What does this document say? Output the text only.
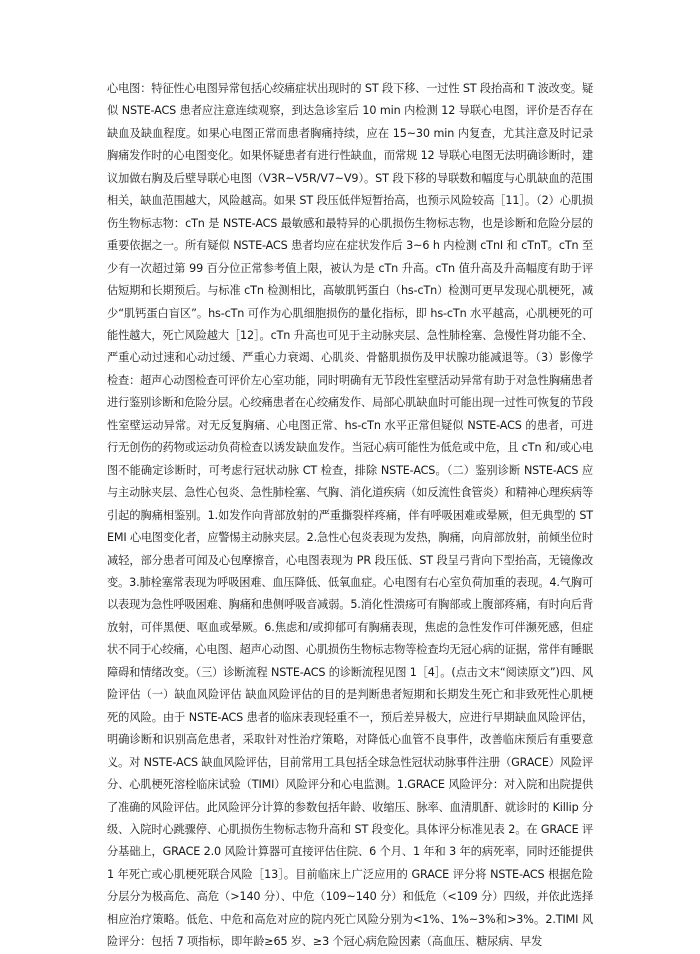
心电图：特征性心电图异常包括心绞痛症状出现时的 ST 段下移、一过性 ST 段抬高和 T 波改变。疑似 NSTE-ACS 患者应注意连续观察，到达急诊室后 10 min 内检测 12 导联心电图，评价是否存在缺血及缺血程度。如果心电图正常而患者胸痛持续，应在 15~30 min 内复查，尤其注意及时记录胸痛发作时的心电图变化。如果怀疑患者有进行性缺血，而常规 12 导联心电图无法明确诊断时，建议加做右胸及后壁导联心电图（V3R~V5R/V7~V9）。ST 段下移的导联数和幅度与心肌缺血的范围相关，缺血范围越大，风险越高。如果 ST 段压低伴短暂抬高，也预示风险较高［11］。（2）心肌损伤生物标志物：cTn 是 NSTE-ACS 最敏感和最特异的心肌损伤生物标志物，也是诊断和危险分层的重要依据之一。所有疑似 NSTE-ACS 患者均应在症状发作后 3~6 h 内检测 cTnI 和 cTnT。cTn 至少有一次超过第 99 百分位正常参考值上限，被认为是 cTn 升高。cTn 值升高及升高幅度有助于评估短期和长期预后。与标准 cTn 检测相比，高敏肌钙蛋白（hs-cTn）检测可更早发现心肌梗死，减少“肌钙蛋白盲区”。hs-cTn 可作为心肌细胞损伤的量化指标，即 hs-cTn 水平越高，心肌梗死的可能性越大，死亡风险越大［12］。cTn 升高也可见于主动脉夹层、急性肺栓塞、急慢性肾功能不全、严重心动过速和心动过缓、严重心力衰竭、心肌炎、骨骼肌损伤及甲状腺功能减退等。（3）影像学检查：超声心动图检查可评价左心室功能，同时明确有无节段性室壁活动异常有助于对急性胸痛患者进行鉴别诊断和危险分层。心绞痛患者在心绞痛发作、局部心肌缺血时可能出现一过性可恢复的节段性室壁运动异常。对无反复胸痛、心电图正常、hs-cTn 水平正常但疑似 NSTE-ACS 的患者，可进行无创伤的药物或运动负荷检查以诱发缺血发作。当冠心病可能性为低危或中危，且 cTn 和/或心电图不能确定诊断时，可考虑行冠状动脉 CT 检查，排除 NSTE-ACS。（二）鉴别诊断 NSTE-ACS 应与主动脉夹层、急性心包炎、急性肺栓塞、气胸、消化道疾病（如反流性食管炎）和精神心理疾病等引起的胸痛相鉴别。1.如发作向背部放射的严重撕裂样疼痛，伴有呼吸困难或晕厥，但无典型的 STEMI 心电图变化者，应警惕主动脉夹层。2.急性心包炎表现为发热，胸痛，向肩部放射，前倾坐位时减轻，部分患者可闻及心包摩擦音，心电图表现为 PR 段压低、ST 段呈弓背向下型抬高，无镜像改变。3.肺栓塞常表现为呼吸困难、血压降低、低氧血症。心电图有右心室负荷加重的表现。4.气胸可以表现为急性呼吸困难、胸痛和患侧呼吸音减弱。5.消化性溃疡可有胸部或上腹部疼痛，有时向后背放射，可伴黑便、呕血或晕厥。6.焦虑和/或抑郁可有胸痛表现，焦虑的急性发作可伴濒死感，但症状不同于心绞痛，心电图、超声心动图、心肌损伤生物标志物等检查均无冠心病的证据，常伴有睡眠障碍和情绪改变。（三）诊断流程 NSTE-ACS 的诊断流程见图 1［4］。(点击文末“阅读原文”)四、风险评估（一）缺血风险评估 缺血风险评估的目的是判断患者短期和长期发生死亡和非致死性心肌梗死的风险。由于 NSTE-ACS 患者的临床表现轻重不一，预后差异极大，应进行早期缺血风险评估，明确诊断和识别高危患者，采取针对性治疗策略，对降低心血管不良事件，改善临床预后有重要意义。对 NSTE-ACS 缺血风险评估，目前常用工具包括全球急性冠状动脉事件注册（GRACE）风险评分、心肌梗死溶栓临床试验（TIMI）风险评分和心电监测。1.GRACE 风险评分：对入院和出院提供了准确的风险评估。此风险评分计算的参数包括年龄、收缩压、脉率、血清肌酐、就诊时的 Killip 分级、入院时心跳骤停、心肌损伤生物标志物升高和 ST 段变化。具体评分标准见表 2。在 GRACE 评分基础上，GRACE 2.0 风险计算器可直接评估住院、6 个月、1 年和 3 年的病死率，同时还能提供 1 年死亡或心肌梗死联合风险［13］。目前临床上广泛应用的 GRACE 评分将 NSTE-ACS 根据危险分层分为极高危、高危（>140 分）、中危（109~140 分）和低危（<109 分）四级，并依此选择相应治疗策略。低危、中危和高危对应的院内死亡风险分别为<1%、1%~3%和>3%。2.TIMI 风险评分：包括 7 项指标，即年龄≥65 岁、≥3 个冠心病危险因素（高血压、糖尿病、早发
